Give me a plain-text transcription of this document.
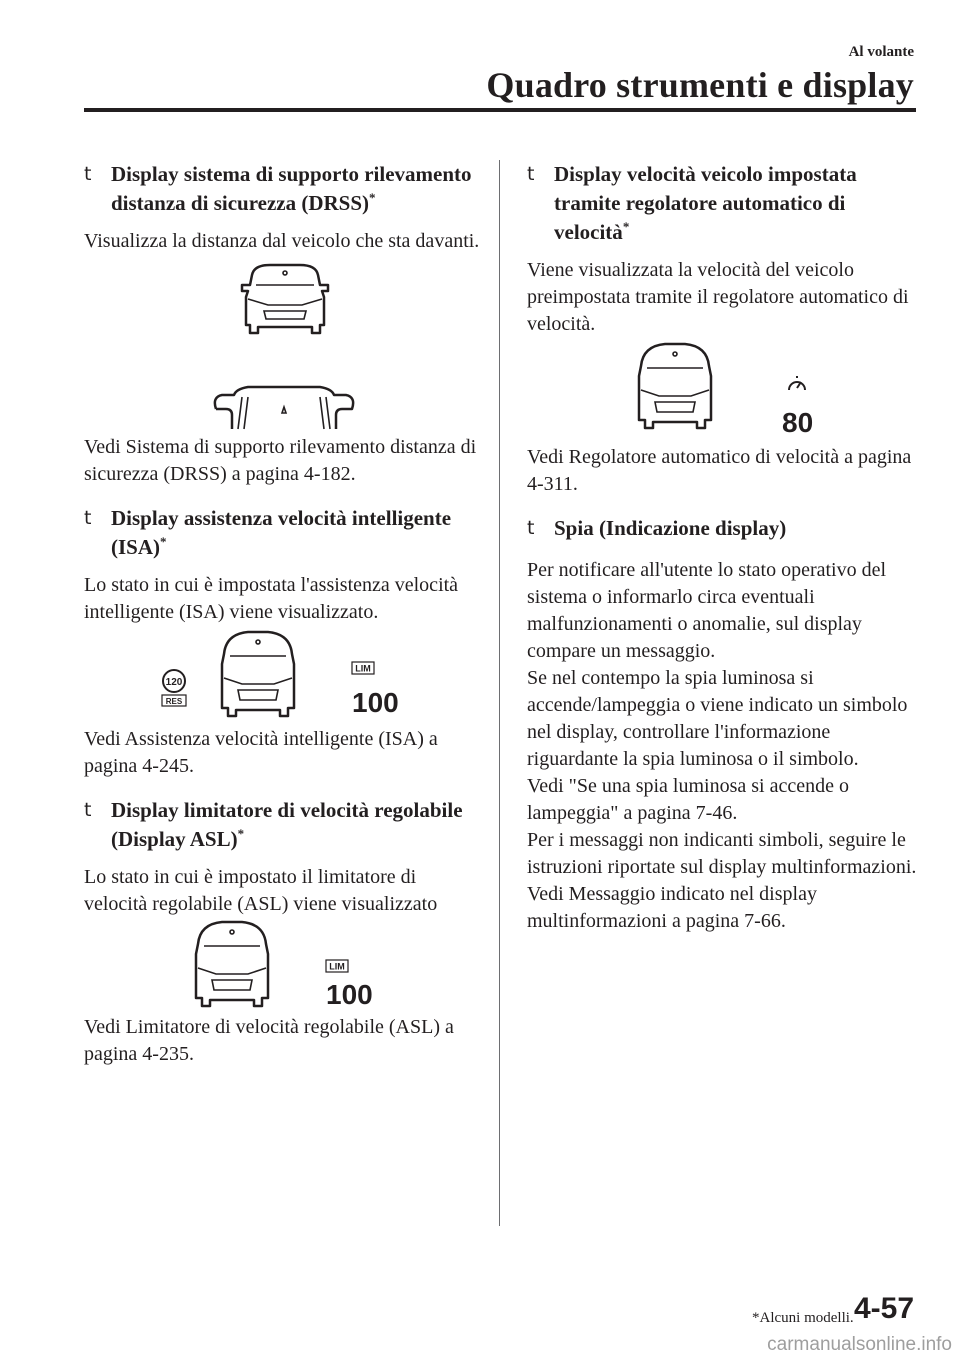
Al volante
Quadro strumenti e display
t Display sistema di supporto rilevamento distanza di sicurezza (DRSS)*

Visualizza la distanza dal veicolo che sta davanti.

Vedi Sistema di supporto rilevamento distanza di sicurezza (DRSS) a pagina 4-182.

t Display assistenza velocità intelligente (ISA)*

Lo stato in cui è impostata l'assistenza velocità intelligente (ISA) viene visualizzato.

120
RES
LIM
100

Vedi Assistenza velocità intelligente (ISA) a pagina 4-245.

t Display limitatore di velocità regolabile (Display ASL)*

Lo stato in cui è impostato il limitatore di velocità regolabile (ASL) viene visualizzato

LIM
100

Vedi Limitatore di velocità regolabile (ASL) a pagina 4-235.

t Display velocità veicolo impostata tramite regolatore automatico di velocità*

Viene visualizzata la velocità del veicolo preimpostata tramite il regolatore automatico di velocità.

80

Vedi Regolatore automatico di velocità a pagina 4-311.

t Spia (Indicazione display)

Per notificare all'utente lo stato operativo del sistema o informarlo circa eventuali malfunzionamenti o anomalie, sul display compare un messaggio.

Se nel contempo la spia luminosa si accende/lampeggia o viene indicato un simbolo nel display, controllare l'informazione riguardante la spia luminosa o il simbolo.

Vedi "Se una spia luminosa si accende o lampeggia" a pagina 7-46.

Per i messaggi non indicanti simboli, seguire le istruzioni riportate sul display multinformazioni.

Vedi Messaggio indicato nel display multinformazioni a pagina 7-66.

*Alcuni modelli. 4-57
carmanualsonline.info
